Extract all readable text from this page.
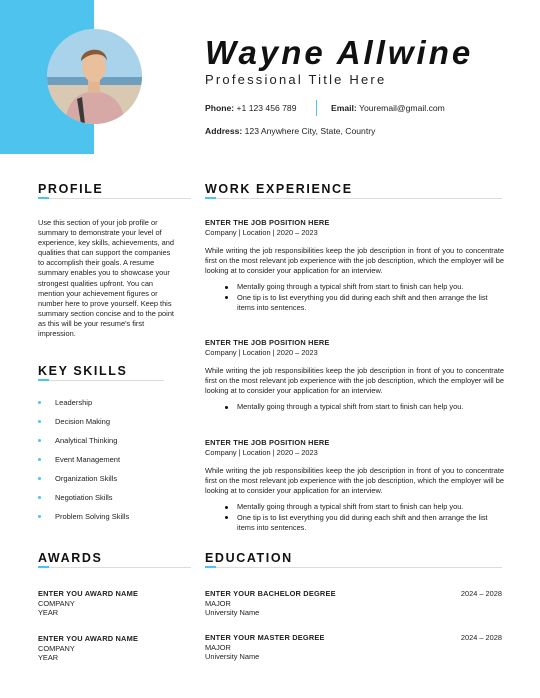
Wayne Allwine
Professional Title Here
Phone: +1 123 456 789	Email: Youremail@gmail.com
Address: 123 Anywhere City, State, Country
PROFILE
Use this section of your job profile or summary to demonstrate your level of experience, key skills, achievements, and qualities that can support the companies to accomplish their goals. A resume summary enables you to showcase your strongest qualities upfront. You can mention your achievement figures or number here to prove yourself. Keep this summary section concise and to the point as this will be your resume's first impression.
KEY SKILLS
Leadership
Decision Making
Analytical Thinking
Event Management
Organization Skills
Negotiation Skills
Problem Solving Skills
WORK EXPERIENCE
ENTER THE JOB POSITION HERE
Company | Location | 2020 – 2023
While writing the job responsibilities keep the job description in front of you to concentrate first on the most relevant job experience with the job description, which the employer will be looking at to consider your application for an interview.
Mentally going through a typical shift from start to finish can help you.
One tip is to list everything you did during each shift and then arrange the list items into sentences.
ENTER THE JOB POSITION HERE
Company | Location | 2020 – 2023
While writing the job responsibilities keep the job description in front of you to concentrate first on the most relevant job experience with the job description, which the employer will be looking at to consider your application for an interview.
Mentally going through a typical shift from start to finish can help you.
ENTER THE JOB POSITION HERE
Company | Location | 2020 – 2023
While writing the job responsibilities keep the job description in front of you to concentrate first on the most relevant job experience with the job description, which the employer will be looking at to consider your application for an interview.
Mentally going through a typical shift from start to finish can help you.
One tip is to list everything you did during each shift and then arrange the list items into sentences.
AWARDS
ENTER YOU AWARD NAME
COMPANY
YEAR
ENTER YOU AWARD NAME
COMPANY
YEAR
EDUCATION
ENTER YOUR BACHELOR DEGREE
MAJOR
University Name
2024 – 2028
ENTER YOUR MASTER DEGREE
MAJOR
University Name
2024 – 2028
